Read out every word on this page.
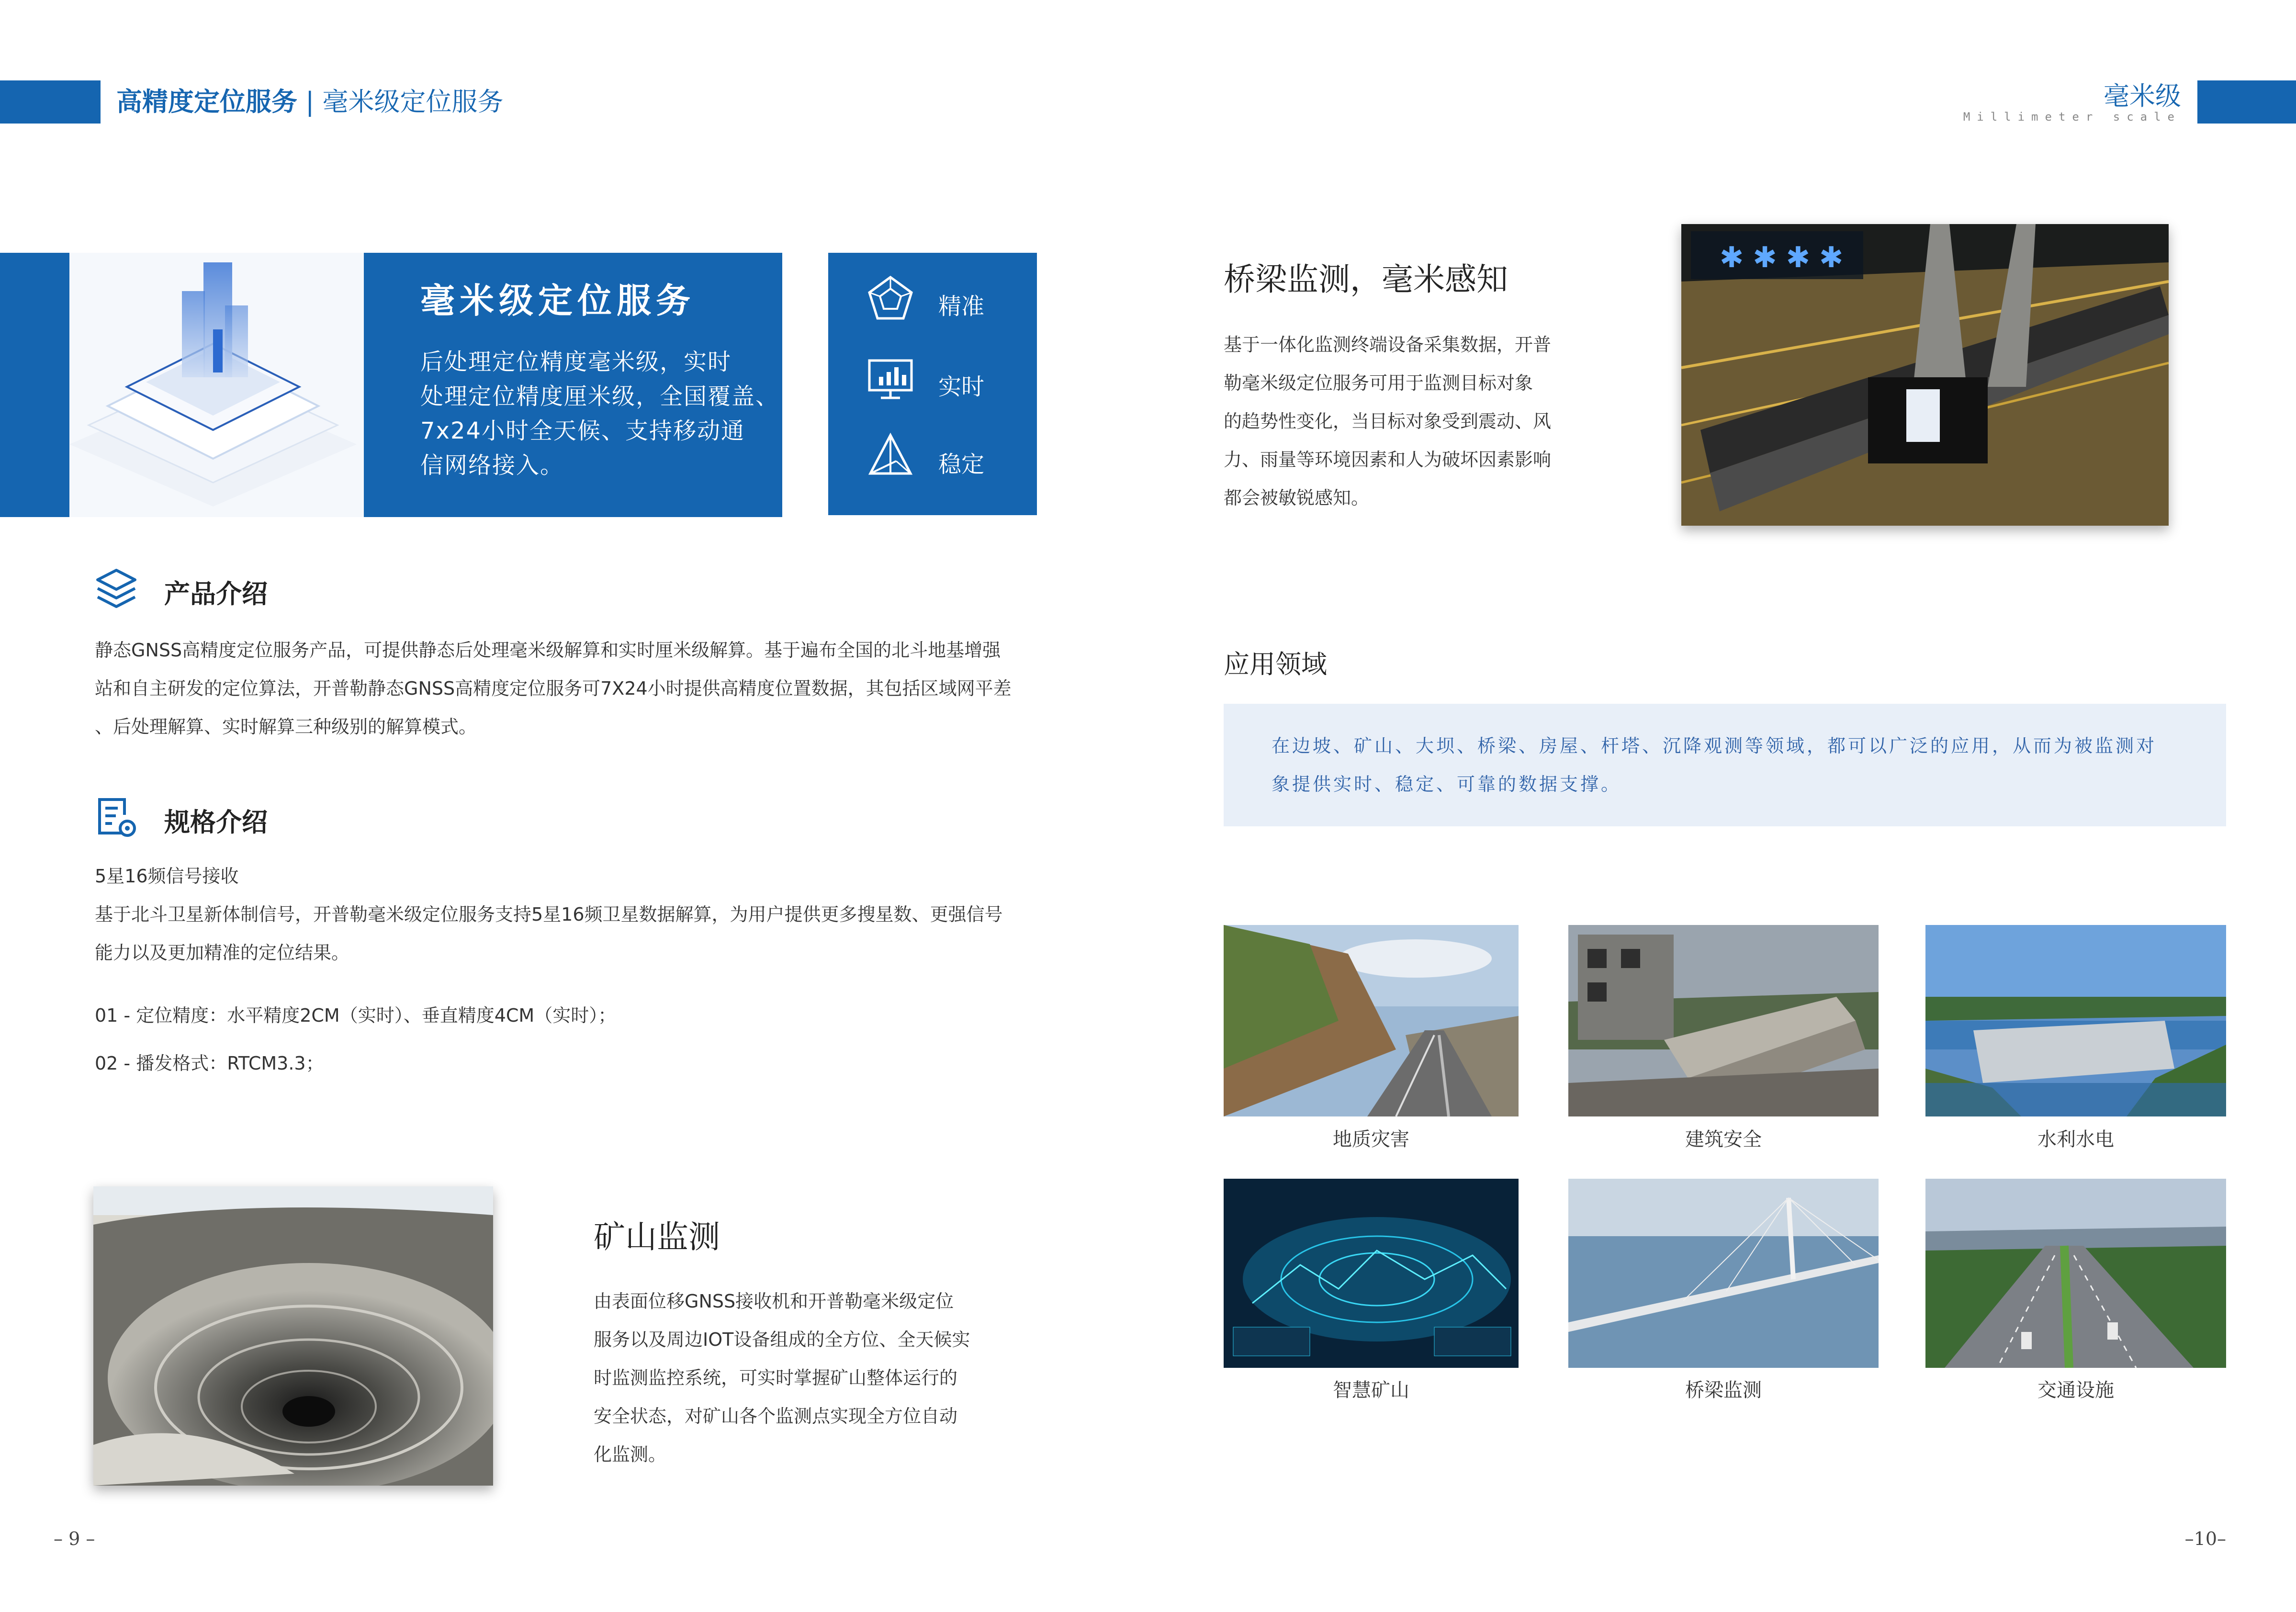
高精度定位服务 | 毫米级定位服务	毫米级
Millimeter scale
毫米级定位服务
后处理定位精度毫米级，实时
处理定位精度厘米级，全国覆盖、
7x24小时全天候、支持移动通
信网络接入。
精准
实时
稳定
产品介绍
静态GNSS高精度定位服务产品，可提供静态后处理毫米级解算和实时厘米级解算。基于遍布全国的北斗地基增强
站和自主研发的定位算法，开普勒静态GNSS高精度定位服务可7X24小时提供高精度位置数据，其包括区域网平差
、后处理解算、实时解算三种级别的解算模式。
规格介绍
5星16频信号接收
基于北斗卫星新体制信号，开普勒毫米级定位服务支持5星16频卫星数据解算，为用户提供更多搜星数、更强信号
能力以及更加精准的定位结果。
01 - 定位精度：水平精度2CM（实时）、垂直精度4CM（实时）；
02 - 播发格式：RTCM3.3；
矿山监测
由表面位移GNSS接收机和开普勒毫米级定位
服务以及周边IOT设备组成的全方位、全天候实
时监测监控系统，可实时掌握矿山整体运行的
安全状态，对矿山各个监测点实现全方位自动
化监测。
桥梁监测，毫米感知
基于一体化监测终端设备采集数据，开普
勒毫米级定位服务可用于监测目标对象
的趋势性变化，当目标对象受到震动、风
力、雨量等环境因素和人为破坏因素影响
都会被敏锐感知。
✱ ✱ ✱ ✱
应用领域
在边坡、矿山、大坝、桥梁、房屋、杆塔、沉降观测等领域，都可以广泛的应用，从而为被监测对
象提供实时、稳定、可靠的数据支撑。
地质灾害	建筑安全	水利水电
智慧矿山	桥梁监测	交通设施
– 9 –	–10–
